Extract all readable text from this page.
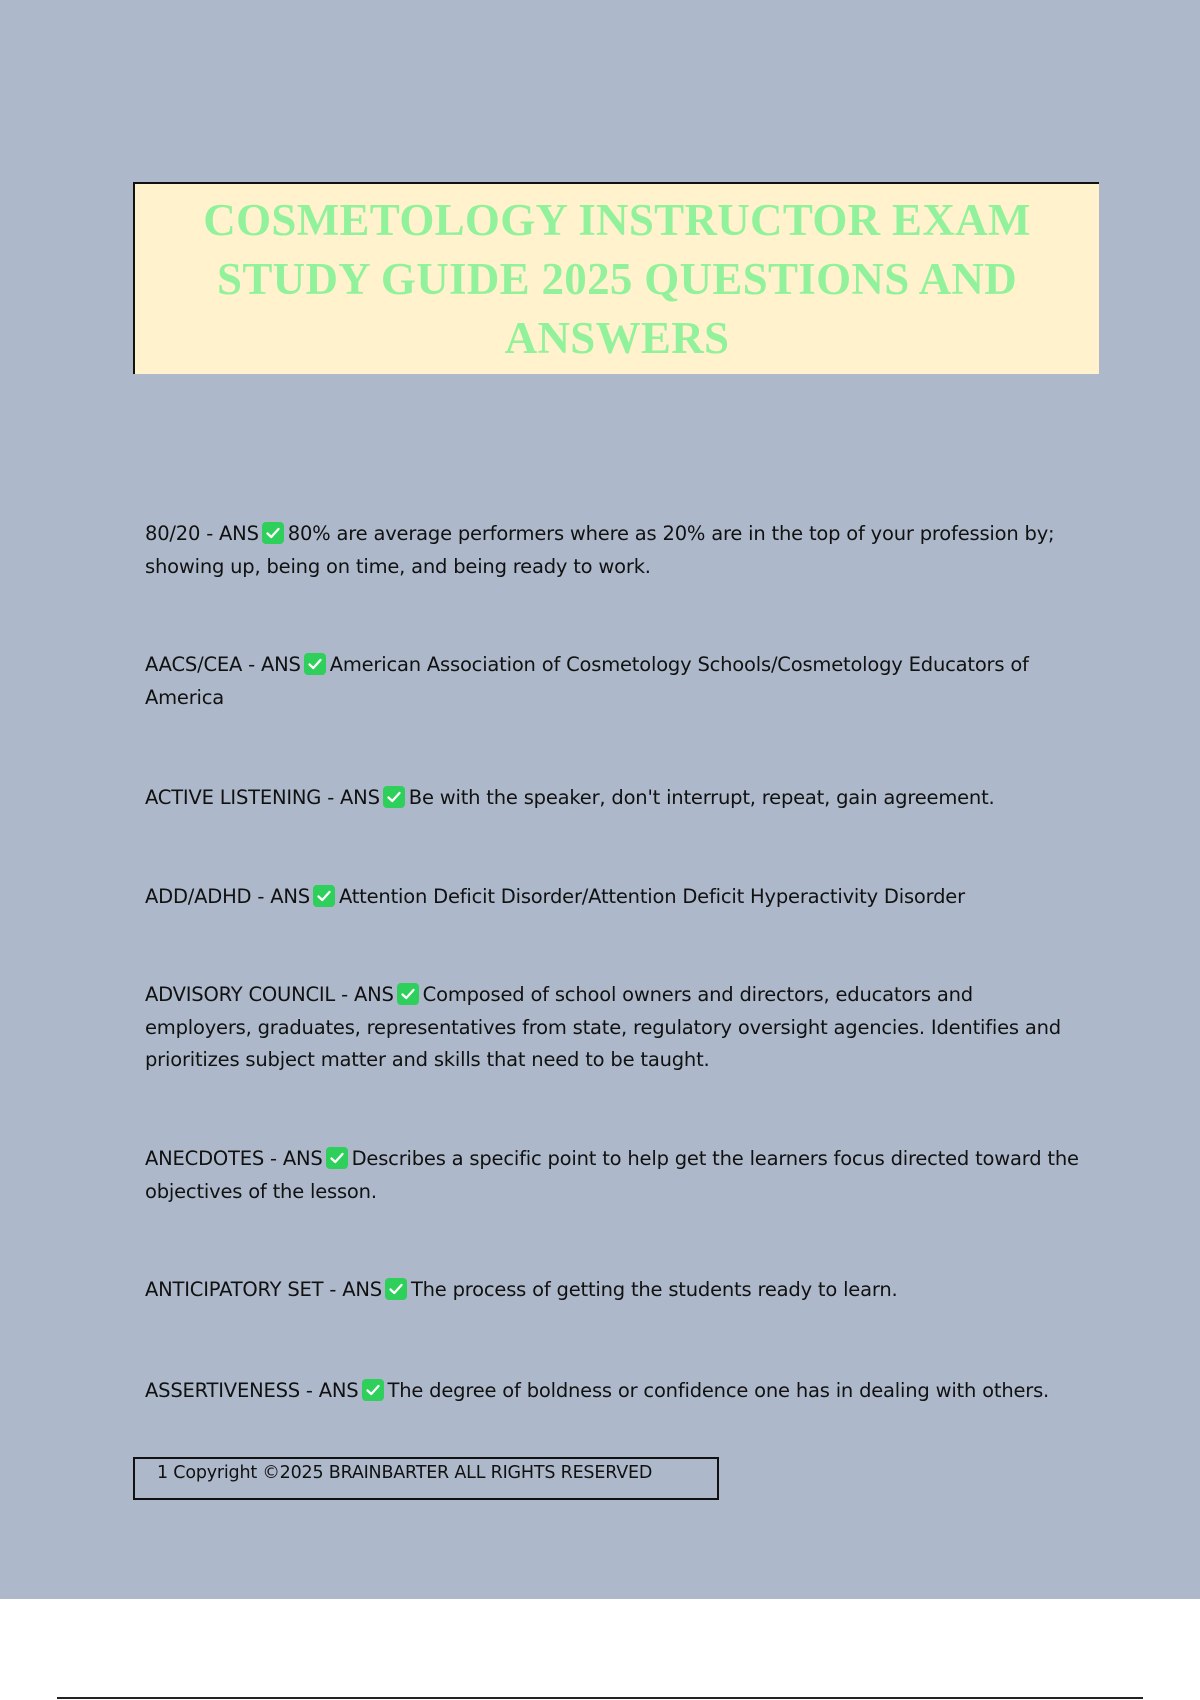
COSMETOLOGY INSTRUCTOR EXAM STUDY GUIDE 2025 QUESTIONS AND ANSWERS

80/20 - ANS 80% are average performers where as 20% are in the top of your profession by; showing up, being on time, and being ready to work.

AACS/CEA - ANS American Association of Cosmetology Schools/Cosmetology Educators of America

ACTIVE LISTENING - ANS Be with the speaker, don't interrupt, repeat, gain agreement.

ADD/ADHD - ANS Attention Deficit Disorder/Attention Deficit Hyperactivity Disorder

ADVISORY COUNCIL - ANS Composed of school owners and directors, educators and employers, graduates, representatives from state, regulatory oversight agencies. Identifies and prioritizes subject matter and skills that need to be taught.

ANECDOTES - ANS Describes a specific point to help get the learners focus directed toward the objectives of the lesson.

ANTICIPATORY SET - ANS The process of getting the students ready to learn.

ASSERTIVENESS - ANS The degree of boldness or confidence one has in dealing with others.

1 Copyright ©2025 BRAINBARTER ALL RIGHTS RESERVED
